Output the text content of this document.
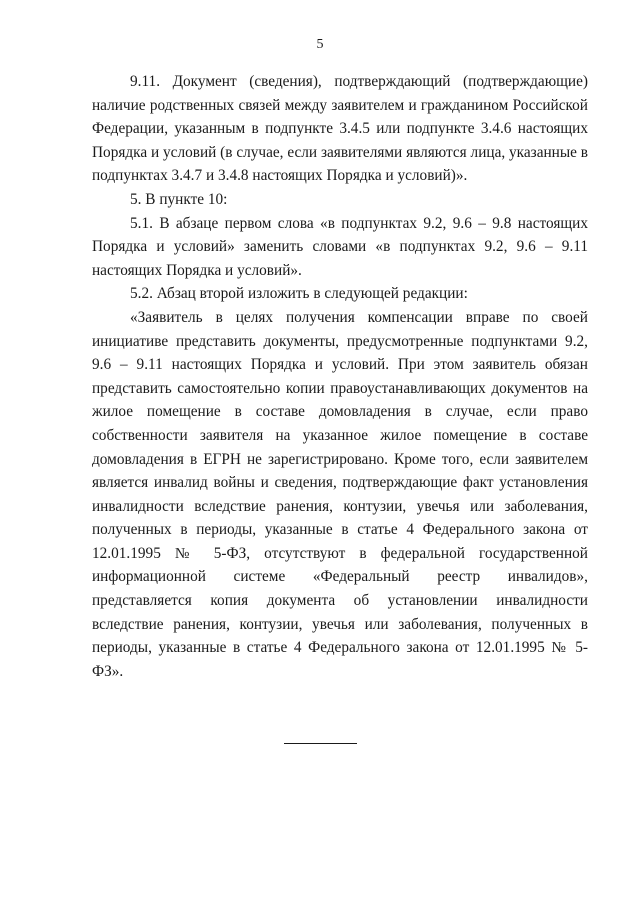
5

9.11. Документ (сведения), подтверждающий (подтверждающие) наличие родственных связей между заявителем и гражданином Российской Федерации, указанным в подпункте 3.4.5 или подпункте 3.4.6 настоящих Порядка и условий (в случае, если заявителями являются лица, указанные в подпунктах 3.4.7 и 3.4.8 настоящих Порядка и условий)».

5. В пункте 10:

5.1. В абзаце первом слова «в подпунктах 9.2, 9.6 – 9.8 настоящих Порядка и условий» заменить словами «в подпунктах 9.2, 9.6 – 9.11 настоящих Порядка и условий».

5.2. Абзац второй изложить в следующей редакции:

«Заявитель в целях получения компенсации вправе по своей инициативе представить документы, предусмотренные подпунктами 9.2, 9.6 – 9.11 настоящих Порядка и условий. При этом заявитель обязан представить самостоятельно копии правоустанавливающих документов на жилое помещение в составе домовладения в случае, если право собственности заявителя на указанное жилое помещение в составе домовладения в ЕГРН не зарегистрировано. Кроме того, если заявителем является инвалид войны и сведения, подтверждающие факт установления инвалидности вследствие ранения, контузии, увечья или заболевания, полученных в периоды, указанные в статье 4 Федерального закона от 12.01.1995 № 5-ФЗ, отсутствуют в федеральной государственной информационной системе «Федеральный реестр инвалидов», представляется копия документа об установлении инвалидности вследствие ранения, контузии, увечья или заболевания, полученных в периоды, указанные в статье 4 Федерального закона от 12.01.1995 № 5-ФЗ».
